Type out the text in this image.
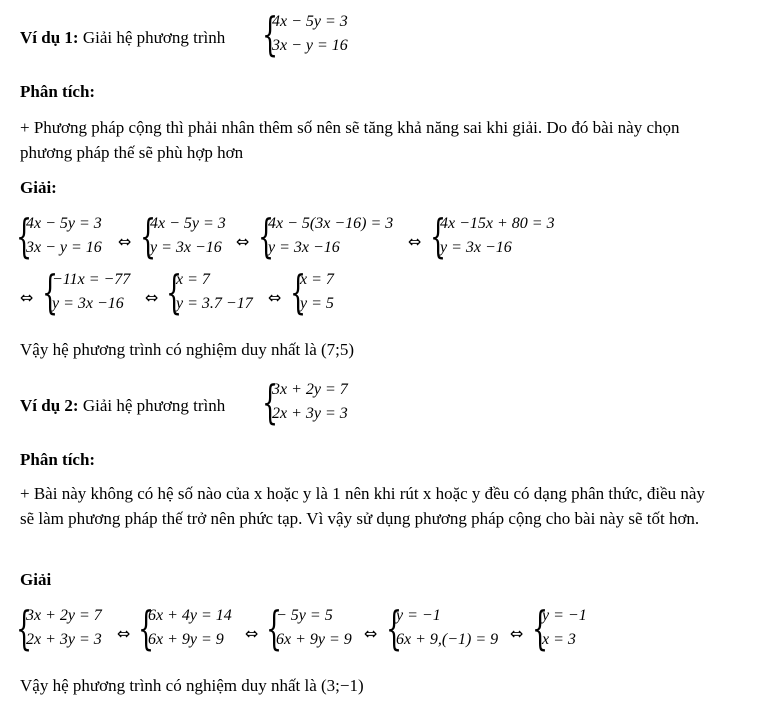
Ví dụ 1: Giải hệ phương trình {
4x − 5y = 3
3x − y = 16
Phân tích:
+ Phương pháp cộng thì phải nhân thêm số nên sẽ tăng khả năng sai khi giải. Do đó bài này chọn phương pháp thế sẽ phù hợp hơn
Giải:
{
4x − 5y = 3
3x − y = 16 ⇔ {
4x − 5y = 3
y = 3x −16 ⇔ {
4x − 5(3x −16) = 3
y = 3x −16	⇔ {
4x −15x + 80 = 3
y = 3x −16
⇔ {
−11x = −77
y = 3x −16	⇔ {
x = 7
y = 3.7 −17 ⇔ {
x = 7
y = 5
Vậy hệ phương trình có nghiệm duy nhất là (7;5)
Ví dụ 2: Giải hệ phương trình {
3x + 2y = 7
2x + 3y = 3
Phân tích:
+ Bài này không có hệ số nào của x hoặc y là 1 nên khi rút x hoặc y đều có dạng phân thức, điều này sẽ làm phương pháp thế trở nên phức tạp. Vì vậy sử dụng phương pháp cộng cho bài này sẽ tốt hơn.
Giải
{
3x + 2y = 7
2x + 3y = 3 ⇔ {
6x + 4y = 14
6x + 9y = 9	⇔ {
− 5y = 5
6x + 9y = 9 ⇔ {
y = −1
6x + 9,(−1) = 9 ⇔ {
y = −1
x = 3
Vậy hệ phương trình có nghiệm duy nhất là (3;−1)
